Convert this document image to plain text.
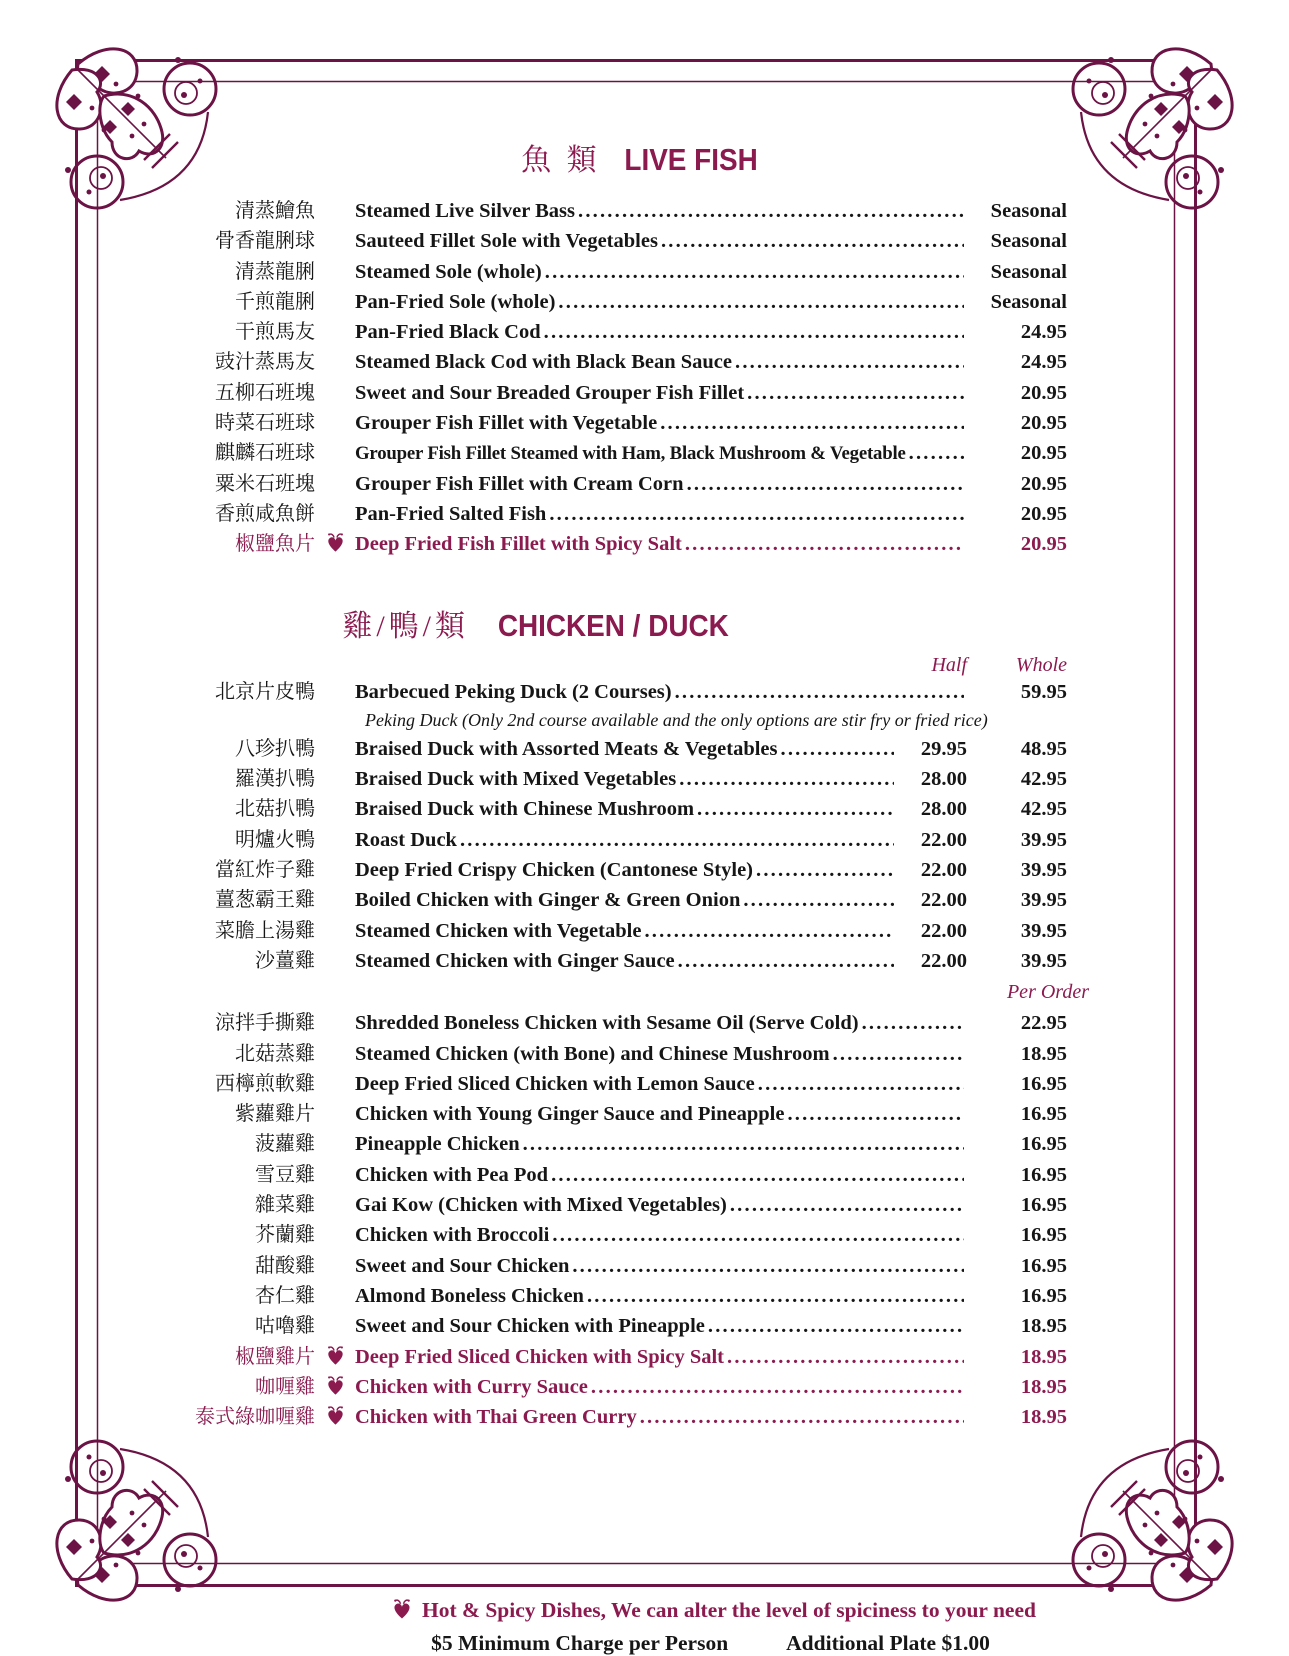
魚 類 LIVE FISH
清蒸鱠魚 Steamed Live Silver Bass .....	Seasonal
骨香龍脷球 Sauteed Fillet Sole with Vegetables .....	Seasonal
清蒸龍脷 Steamed Sole (whole) .....	Seasonal
千煎龍脷 Pan-Fried Sole (whole) .....	Seasonal
干煎馬友 Pan-Fried Black Cod .....	24.95
豉汁蒸馬友 Steamed Black Cod with Black Bean Sauce .....	24.95
五柳石班塊 Sweet and Sour Breaded Grouper Fish Fillet .....	20.95
時菜石班球 Grouper Fish Fillet with Vegetable .....	20.95
麒麟石班球 Grouper Fish Fillet Steamed with Ham, Black Mushroom & Vegetable .....	20.95
粟米石班塊 Grouper Fish Fillet with Cream Corn .....	20.95
香煎咸魚餅 Pan-Fried Salted Fish .....	20.95
椒鹽魚片 Deep Fried Fish Fillet with Spicy Salt .....	20.95
雞/鴨/類 CHICKEN / DUCK
Half	Whole
北京片皮鴨 Barbecued Peking Duck (2 Courses) .....	59.95
Peking Duck (Only 2nd course available and the only options are stir fry or fried rice)
八珍扒鴨 Braised Duck with Assorted Meats & Vegetables .....	29.95	48.95
羅漢扒鴨 Braised Duck with Mixed Vegetables .....	28.00	42.95
北菇扒鴨 Braised Duck with Chinese Mushroom .....	28.00	42.95
明爐火鴨 Roast Duck .....	22.00	39.95
當紅炸子雞 Deep Fried Crispy Chicken (Cantonese Style) .....	22.00	39.95
薑葱霸王雞 Boiled Chicken with Ginger & Green Onion .....	22.00	39.95
菜膽上湯雞 Steamed Chicken with Vegetable .....	22.00	39.95
沙薑雞 Steamed Chicken with Ginger Sauce .....	22.00	39.95
Per Order
涼拌手撕雞 Shredded Boneless Chicken with Sesame Oil (Serve Cold) .....	22.95
北菇蒸雞 Steamed Chicken (with Bone) and Chinese Mushroom .....	18.95
西檸煎軟雞 Deep Fried Sliced Chicken with Lemon Sauce .....	16.95
紫蘿雞片 Chicken with Young Ginger Sauce and Pineapple .....	16.95
菠蘿雞 Pineapple Chicken .....	16.95
雪豆雞 Chicken with Pea Pod .....	16.95
雜菜雞 Gai Kow (Chicken with Mixed Vegetables) .....	16.95
芥蘭雞 Chicken with Broccoli .....	16.95
甜酸雞 Sweet and Sour Chicken .....	16.95
杏仁雞 Almond Boneless Chicken .....	16.95
咕嚕雞 Sweet and Sour Chicken with Pineapple .....	18.95
椒鹽雞片 Deep Fried Sliced Chicken with Spicy Salt .....	18.95
咖喱雞 Chicken with Curry Sauce .....	18.95
泰式綠咖喱雞 Chicken with Thai Green Curry .....	18.95
Hot & Spicy Dishes, We can alter the level of spiciness to your need
$5 Minimum Charge per Person	Additional Plate $1.00
